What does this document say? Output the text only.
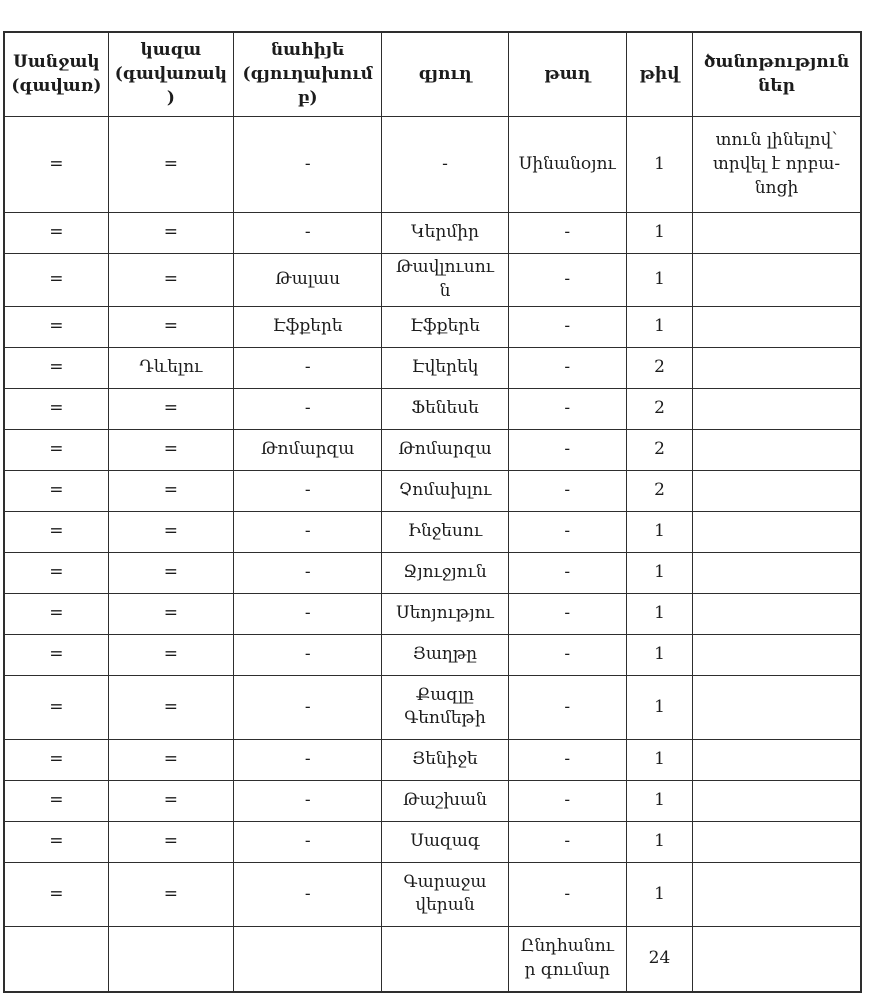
Սանջակ (գավառ)	կազա (գավառակ)	նահիյե (գյուղախումբ)	գյուղ	թաղ	թիվ	ծանոթություններ
=	=	-	-	Սինանօյու	1	տուն լինելով՝ տրվել է որբա-նոցի
=	=	-	Կերմիր	-	1	
=	=	Թալաս	Թավլուսուն	-	1	
=	=	Էֆքերե	Էֆքերե	-	1	
=	Դևելու	-	Էվերեկ	-	2	
=	=	-	Ֆենեսե	-	2	
=	=	Թոմարզա	Թոմարզա	-	2	
=	=	-	Չոմախլու	-	2	
=	=	-	Ինջեսու	-	1	
=	=	-	Ջյուջյուն	-	1	
=	=	-	Սեոյությու	-	1	
=	=	-	Յաղթը	-	1	
=	=	-	Քազլը Գեոմեթի	-	1	
=	=	-	Յենիջե	-	1	
=	=	-	Թաշխան	-	1	
=	=	-	Սազագ	-	1	
=	=	-	Գարաջա վերան	-	1	
				Ընդհանուր գումար	24	
